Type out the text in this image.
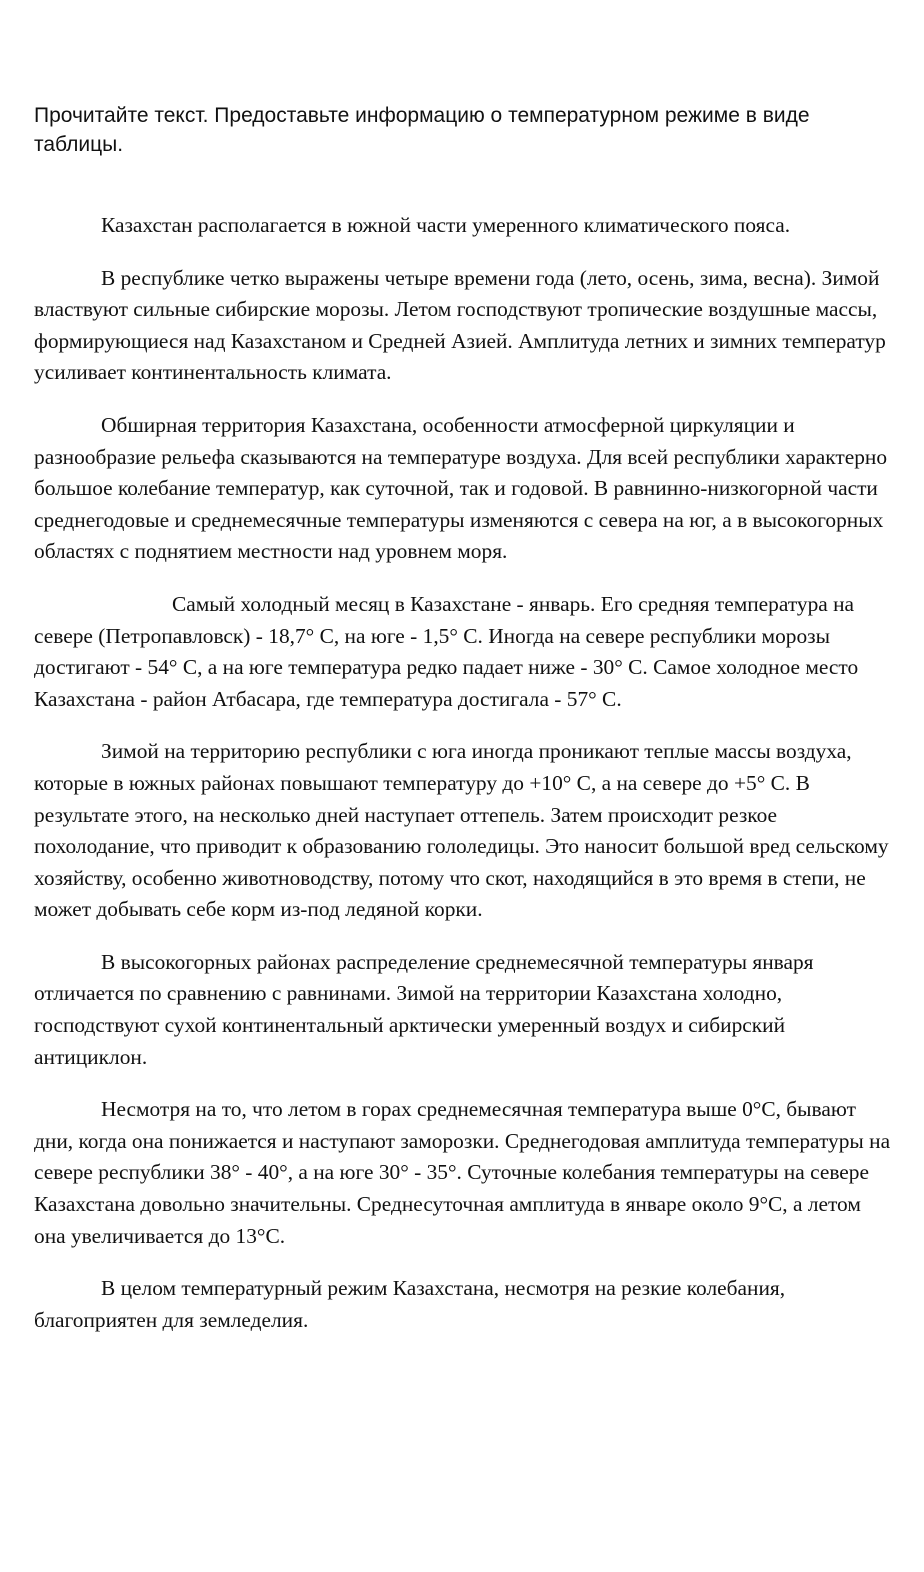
Прочитайте текст. Предоставьте информацию о температурном режиме в виде таблицы.

Казахстан располагается в южной части умеренного климатического пояса.

В республике четко выражены четыре времени года (лето, осень, зима, весна). Зимой властвуют сильные сибирские морозы. Летом господствуют тропические воздушные массы, формирующиеся над Казахстаном и Средней Азией. Амплитуда летних и зимних температур усиливает континентальность климата.

Обширная территория Казахстана, особенности атмосферной циркуляции и разнообразие рельефа сказываются на температуре воздуха. Для всей республики характерно большое колебание температур, как суточной, так и годовой. В равнинно-низкогорной части среднегодовые и среднемесячные температуры изменяются с севера на юг, а в высокогорных областях с поднятием местности над уровнем моря.

Самый холодный месяц в Казахстане - январь. Его средняя температура на севере (Петропавловск) - 18,7° С, на юге - 1,5° С. Иногда на севере республики морозы достигают - 54° С, а на юге температура редко падает ниже - 30° С. Самое холодное место Казахстана - район Атбасара, где температура достигала - 57° С.

Зимой на территорию республики с юга иногда проникают теплые массы воздуха, которые в южных районах повышают температуру до +10° С, а на севере до +5° С. В результате этого, на несколько дней наступает оттепель. Затем происходит резкое похолодание, что приводит к образованию гололедицы. Это наносит большой вред сельскому хозяйству, особенно животноводству, потому что скот, находящийся в это время в степи, не может добывать себе корм из-под ледяной корки.

В высокогорных районах распределение среднемесячной температуры января отличается по сравнению с равнинами. Зимой на территории Казахстана холодно, господствуют сухой континентальный арктически умеренный воздух и сибирский антициклон.

Несмотря на то, что летом в горах среднемесячная температура выше 0°С, бывают дни, когда она понижается и наступают заморозки. Среднегодовая амплитуда температуры на севере республики 38° - 40°, а на юге 30° - 35°. Суточные колебания температуры на севере Казахстана довольно значительны. Среднесуточная амплитуда в январе около 9°С, а летом она увеличивается до 13°С.

В целом температурный режим Казахстана, несмотря на резкие колебания, благоприятен для земледелия.
